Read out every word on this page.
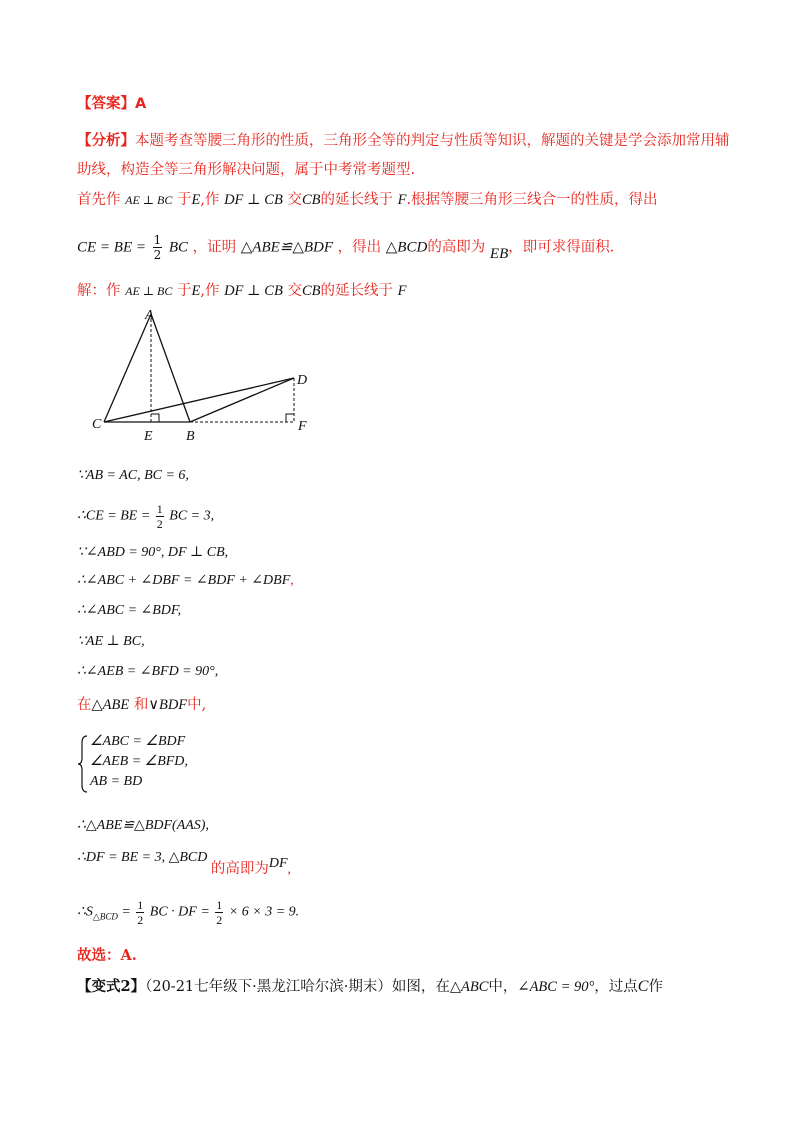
【答案】A
【分析】本题考查等腰三角形的性质，三角形全等的判定与性质等知识，解题的关键是学会添加常用辅
助线，构造全等三角形解决问题，属于中考常考题型.
首先作 AE ⊥ BC 于E,作 DF ⊥ CB 交CB的延长线于 F.根据等腰三角形三线合一的性质，得出
CE = BE = $\frac{1}{2}$ BC ，证明 △ABE≌△BDF ，得出 △BCD的高即为 EB，即可求得面积.
解：作 AE ⊥ BC 于E,作 DF ⊥ CB 交CB的延长线于 F
A
C
E B
D
F
∵AB = AC, BC = 6,
∴CE = BE = $\frac{1}{2}$ BC = 3,
∵∠ABD = 90°, DF ⊥ CB,
∴∠ABC + ∠DBF = ∠BDF + ∠DBF,
∴∠ABC = ∠BDF,
∵AE ⊥ BC,
∴∠AEB = ∠BFD = 90°,
在△ABE 和∨BDF中,
∠ABC = ∠BDF
∠AEB = ∠BFD,
AB = BD
∴△ABE≌△BDF(AAS),
∴DF = BE = 3, △BCD 的高即为DF,
$\therefore S_{\triangle BCD} = \frac{1}{2}$ BC · DF = $\frac{1}{2} \times 6 \times 3 = 9$.
故选：A.
【变式2】（20-21七年级下·黑龙江哈尔滨·期末）如图，在△ABC中，∠ABC = 90°，过点C作
